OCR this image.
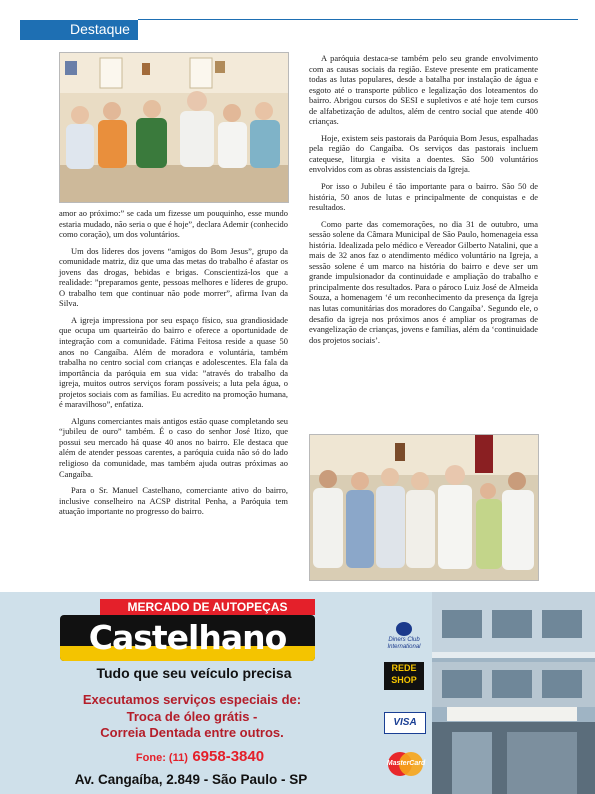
Destaque

amor ao próximo:” se cada um fizesse um pouquinho, esse mundo estaria mudado, não seria o que é hoje”, declara Ademir (conhecido como coração), um dos voluntários.

Um dos líderes dos jovens “amigos do Bom Jesus”, grupo da comunidade matriz, diz que uma das metas do trabalho é afastar os jovens das drogas, bebidas e brigas. Conscientizá-los que a realidade: ”preparamos gente, pessoas melhores e líderes de grupo. O trabalho tem que continuar não pode morrer”, afirma Ivan da Silva.

A igreja impressiona por seu espaço físico, sua grandiosidade que ocupa um quarteirão do bairro e oferece a oportunidade de integração com a comunidade. Fátima Feitosa reside a quase 50 anos no Cangaíba. Além de moradora e voluntária, também trabalha no centro social com crianças e adolescentes. Ela fala da importância da paróquia em sua vida: ”através do trabalho da igreja, muitos outros serviços foram possíveis; a luta pela água, o projetos sociais com as famílias. Eu acredito na promoção humana, é maravilhoso”, enfatiza.

Alguns comerciantes mais antigos estão quase completando seu “jubileu de ouro” também. É o caso do senhor José Itizo, que possui seu mercado há quase 40 anos no bairro. Ele destaca que além de atender pessoas carentes, a paróquia cuida não só do lado religioso da comunidade, mas também ajuda outras próximas ao Cangaíba.

Para o Sr. Manuel Castelhano, comerciante ativo do bairro, inclusive conselheiro na ACSP distrital Penha, a Paróquia tem atuação importante no progresso do bairro.

A paróquia destaca-se também pelo seu grande envolvimento com as causas sociais da região. Esteve presente em praticamente todas as lutas populares, desde a batalha por instalação de água e esgoto até o transporte público e legalização dos loteamentos do bairro. Abrigou cursos do SESI e supletivos e até hoje tem cursos de alfabetização de adultos, além de centro social que atende 400 crianças.

Hoje, existem seis pastorais da Paróquia Bom Jesus, espalhadas pela região do Cangaíba. Os serviços das pastorais incluem catequese, liturgia e visita a doentes. São 500 voluntários envolvidos com as obras assistenciais da Igreja.

Por isso o Jubileu é tão importante para o bairro. São 50 de história, 50 anos de lutas e principalmente de conquistas e de resultados.

Como parte das comemorações, no dia 31 de outubro, uma sessão solene da Câmara Municipal de São Paulo, homenageia essa história. Idealizada pelo médico e Vereador Gilberto Natalini, que a mais de 32 anos faz o atendimento médico voluntário na Igreja, a sessão solene é um marco na história do bairro e deve ser um grande impulsionador da continuidade e ampliação do trabalho e principalmente dos resultados. Para o pároco Luiz José de Almeida Souza, a homenagem ‘é um reconhecimento da presença da Igreja nas lutas comunitárias dos moradores do Cangaíba’. Segundo ele, o desafio da igreja nos próximos anos é ampliar os programas de evangelização de crianças, jovens e famílias, além da ‘continuidade dos projetos sociais’.

MERCADO DE AUTOPEÇAS
Castelhano
Tudo que seu veículo precisa
Executamos serviços especiais de:
Troca de óleo grátis -
Correia Dentada entre outros.
Fone: (11) 6958-3840
Av. Cangaíba, 2.849 - São Paulo - SP
Diners Club
International
REDE
SHOP
VISA
MasterCard
